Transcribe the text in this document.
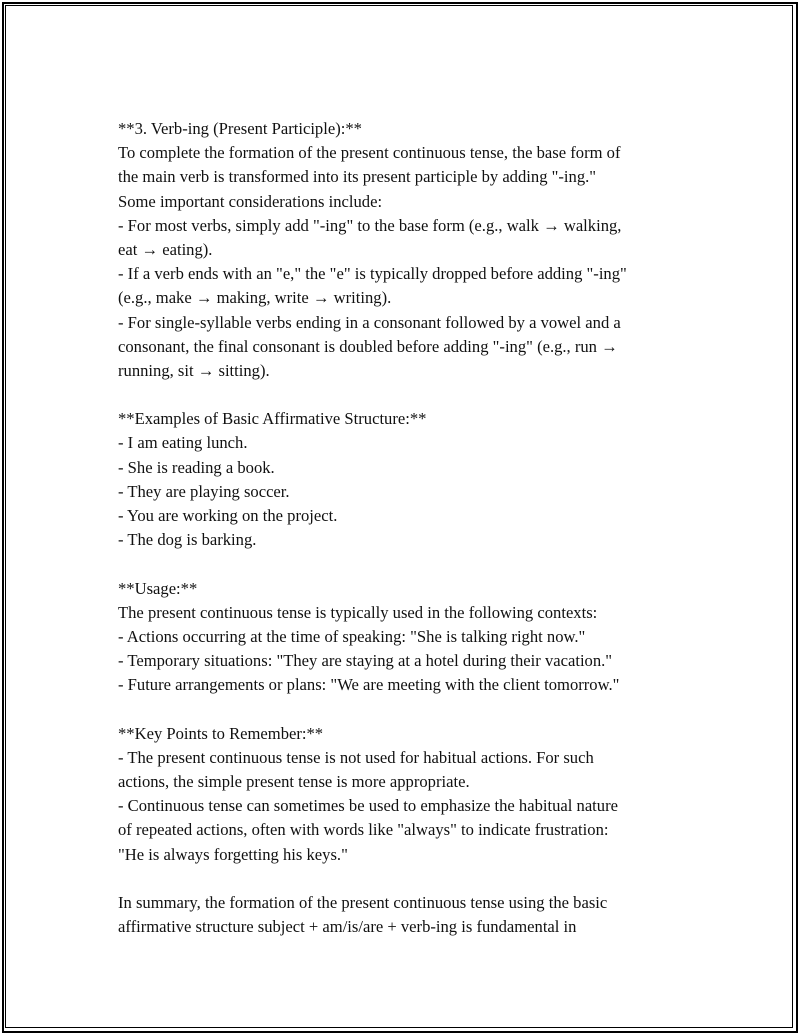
**3. Verb-ing (Present Participle):**
To complete the formation of the present continuous tense, the base form of
the main verb is transformed into its present participle by adding "-ing."
Some important considerations include:
- For most verbs, simply add "-ing" to the base form (e.g., walk → walking,
eat → eating).
- If a verb ends with an "e," the "e" is typically dropped before adding "-ing"
(e.g., make → making, write → writing).
- For single-syllable verbs ending in a consonant followed by a vowel and a
consonant, the final consonant is doubled before adding "-ing" (e.g., run →
running, sit → sitting).
**Examples of Basic Affirmative Structure:**
- I am eating lunch.
- She is reading a book.
- They are playing soccer.
- You are working on the project.
- The dog is barking.
**Usage:**
The present continuous tense is typically used in the following contexts:
- Actions occurring at the time of speaking: "She is talking right now."
- Temporary situations: "They are staying at a hotel during their vacation."
- Future arrangements or plans: "We are meeting with the client tomorrow."
**Key Points to Remember:**
- The present continuous tense is not used for habitual actions. For such
actions, the simple present tense is more appropriate.
- Continuous tense can sometimes be used to emphasize the habitual nature
of repeated actions, often with words like "always" to indicate frustration:
"He is always forgetting his keys."
In summary, the formation of the present continuous tense using the basic
affirmative structure subject + am/is/are + verb-ing is fundamental in
